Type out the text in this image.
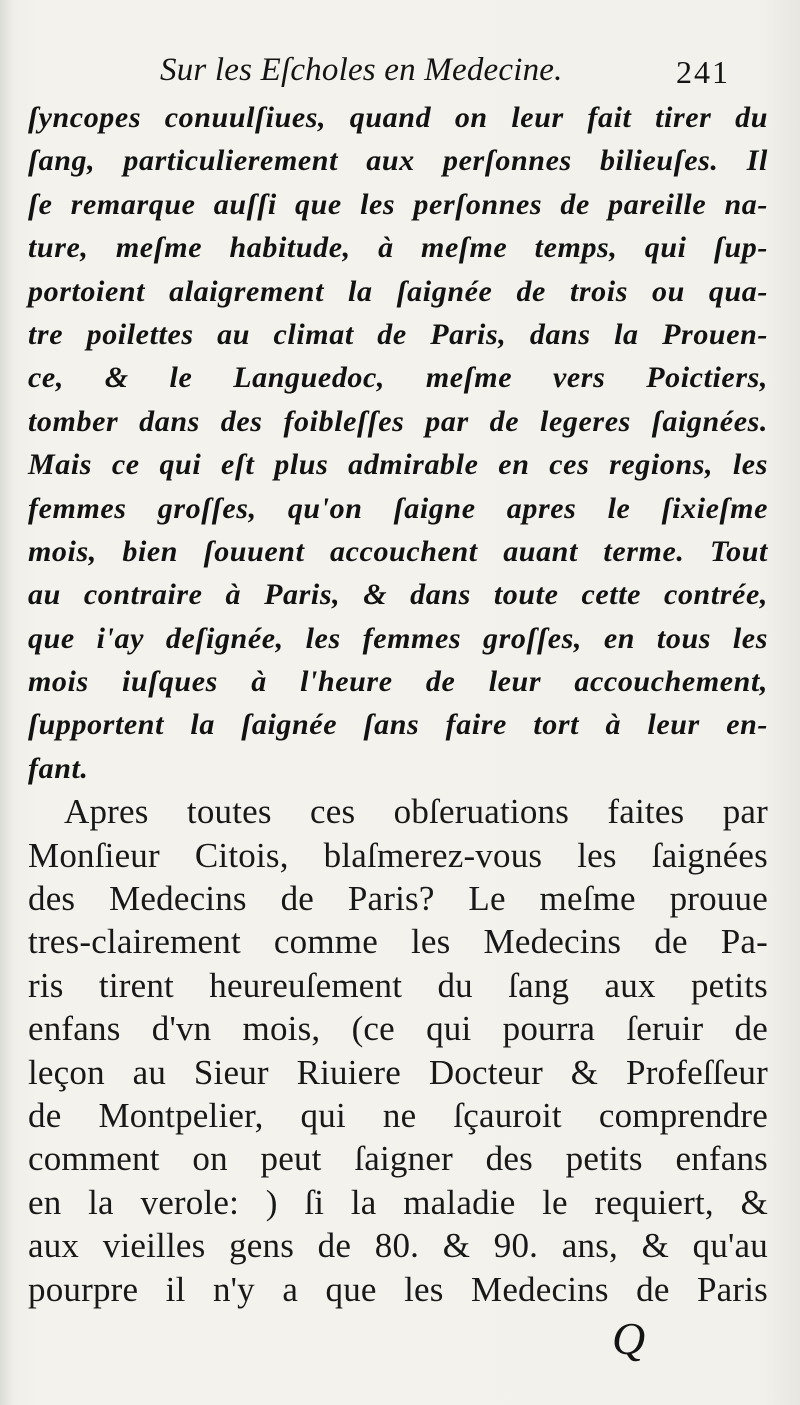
Sur les Eſcholes en Medecine.	241
ſyncopes conuulſiues, quand on leur fait tirer du
ſang, particulierement aux perſonnes bilieuſes. Il
ſe remarque auſſi que les perſonnes de pareille na-
ture, meſme habitude, à meſme temps, qui ſup-
portoient alaigrement la ſaignée de trois ou qua-
tre poilettes au climat de Paris, dans la Prouen-
ce, & le Languedoc, meſme vers Poictiers,
tomber dans des foibleſſes par de legeres ſaignées.
Mais ce qui eſt plus admirable en ces regions, les
femmes groſſes, qu'on ſaigne apres le ſixieſme
mois, bien ſouuent accouchent auant terme. Tout
au contraire à Paris, & dans toute cette contrée,
que i'ay deſignée, les femmes groſſes, en tous les
mois iuſques à l'heure de leur accouchement,
ſupportent la ſaignée ſans faire tort à leur en-
fant.
Apres toutes ces obſeruations faites par
Monſieur Citois, blaſmerez-vous les ſaignées
des Medecins de Paris? Le meſme prouue
tres-clairement comme les Medecins de Pa-
ris tirent heureuſement du ſang aux petits
enfans d'vn mois, (ce qui pourra ſeruir de
leçon au Sieur Riuiere Docteur & Profeſſeur
de Montpelier, qui ne ſçauroit comprendre
comment on peut ſaigner des petits enfans
en la verole: ) ſi la maladie le requiert, &
aux vieilles gens de 80. & 90. ans, & qu'au
pourpre il n'y a que les Medecins de Paris
Q
